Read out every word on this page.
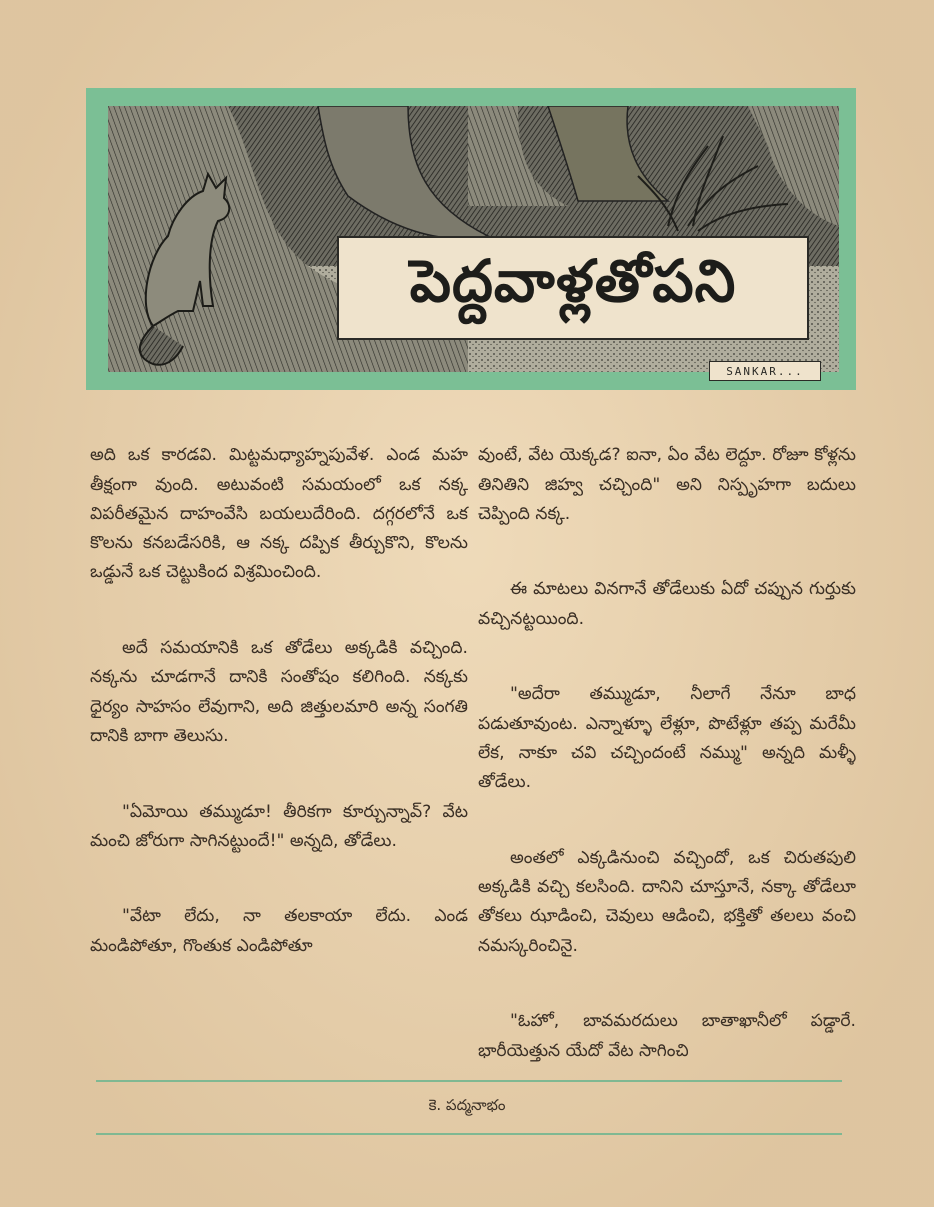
పెద్దవాళ్లతోపని
SANKAR...

అది ఒక కారడవి. మిట్టమధ్యాహ్నపువేళ. ఎండ మహ తీక్షంగా వుంది. అటువంటి సమయంలో ఒక నక్క విపరీతమైన దాహంవేసి బయలుదేరింది. దగ్గరలోనే ఒక కొలను కనబడేసరికి, ఆ నక్క దప్పిక తీర్చుకొని, కొలను ఒడ్డునే ఒక చెట్టుకింద విశ్రమించింది.

అదే సమయానికి ఒక తోడేలు అక్కడికి వచ్చింది. నక్కను చూడగానే దానికి సంతోషం కలిగింది. నక్కకు ధైర్యం సాహసం లేవుగాని, అది జిత్తులమారి అన్న సంగతి దానికి బాగా తెలుసు.

"ఏమోయి తమ్ముడూ! తీరికగా కూర్చున్నావ్? వేట మంచి జోరుగా సాగినట్టుందే!" అన్నది, తోడేలు.

"వేటా లేదు, నా తలకాయా లేదు. ఎండ మండిపోతూ, గొంతుక ఎండిపోతూ

వుంటే, వేట యెక్కడ? ఐనా, ఏం వేట లెద్దూ. రోజూ కోళ్లను తినితిని జిహ్వ చచ్చింది" అని నిస్పృహగా బదులు చెప్పింది నక్క.

ఈ మాటలు వినగానే తోడేలుకు ఏదో చప్పున గుర్తుకు వచ్చినట్టయింది.

"అదేరా తమ్ముడూ, నీలాగే నేనూ బాధ పడుతూవుంట. ఎన్నాళ్ళూ లేళ్లూ, పొటేళ్లూ తప్ప మరేమీ లేక, నాకూ చవి చచ్చిందంటే నమ్ము" అన్నది మళ్ళీ తోడేలు.

అంతలో ఎక్కడినుంచి వచ్చిందో, ఒక చిరుతపులి అక్కడికి వచ్చి కలసింది. దానిని చూస్తూనే, నక్కా తోడేలూ తోకలు ఝాడించి, చెవులు ఆడించి, భక్తితో తలలు వంచి నమస్కరించినై.

"ఓహో, బావమరదులు బాతాఖానీలో పడ్డారే. భారీయెత్తున యేదో వేట సాగించి

కె. పద్మనాభం
